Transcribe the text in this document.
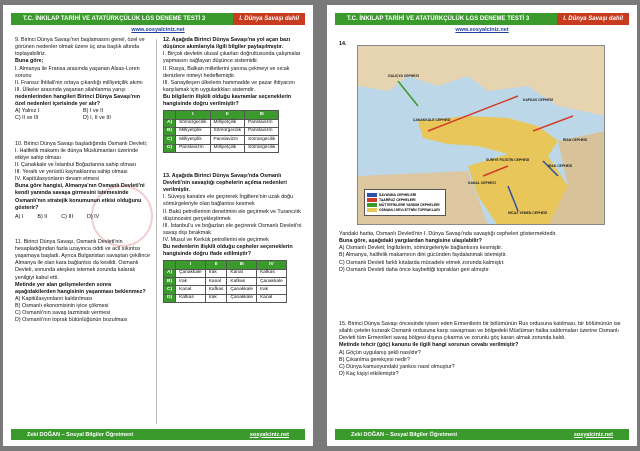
T.C. İNKILAP TARİHİ VE ATATÜRKÇÜLÜK LGS DENEME TESTİ 3	I. Dünya Savaşı dahil
www.sosyalciniz.net
9. Birinci Dünya Savaşı'nın başlamasını genel, özel ve görünen nedenler olmak üzere üç ana başlık altında toplayabiliriz.
Buna göre;
I. Almanya ile Fransa arasında yaşanan Alsas-Loren sorunu
II. Fransız İhtilali'nin ortaya çıkardığı milliyetçilik akımı
III. Ülkeler arasında yaşanan silahlanma yarışı
nedenlerinden hangileri Birinci Dünya Savaşı'nın özel nedenleri içerisinde yer alır?
A) Yalnız I	B) I ve II
C) II ve III	D) I, II ve III
10. Birinci Dünya Savaşı başladığında Osmanlı Devleti;
I. Halifelik makamı ile dünya Müslümanları üzerinde etkiye sahip olması
II. Çanakkale ve İstanbul Boğazlarına sahip olması
III. Yeraltı ve yerüstü kaynaklarına sahip olması
IV. Kapitülasyonların devam etmesi
Buna göre hangisi, Almanya'nın Osmanlı Devleti'ni kendi yanında savaşa girmesini istemesinde Osmanlı'nın stratejik konumunun etkisi olduğunu gösterir?
A) I	B) II	C) III	D) IV
11. Birinci Dünya Savaşı, Osmanlı Devleti'nin hesapladığından fazla uzayınca ciddi ve acil sıkıntısı yaşamaya başladı. Ayrıca Bulgaristan savaştan çekilince Almanya ile olan kara bağlantısı da kesildi. Osmanlı Devleti, sonunda ateşkes istemek zorunda kalarak yenilgiyi kabul etti.
Metinde yer alan gelişmelerden sonra aşağıdakilerden hangisinin yaşanması beklenmez?
A) Kapitülasyonların kaldırılması
B) Osmanlı ekonomisinin iyice çökmesi
C) Osmanlı'nın savaş tazminatı vermesi
D) Osmanlı'nın toprak bütünlüğünün bozulması
12. Aşağıda Birinci Dünya Savaşı'na yol açan bazı düşünce akımlarıyla ilgili bilgiler paylaşılmıştır.
I. Birçok devletin ulusal çıkarları doğrultusunda çalışmalar yapmasını sağlayan düşünce sistemidir.
II. Rusya, Balkan milletlerini yanına çekmeyi ve sıcak denizlere inmeyi hedeflemiştir.
III. Sanayileşen ülkelerin hammadde ve pazar ihtiyacını karşılamak için uyguladıkları sistemdir.
Bu bilgilerin ilişkili olduğu kavramlar seçeneklerin hangisinde doğru verilmiştir?
	I	II	III
A)	Sömürgecilik	Milliyetçilik	Panslavizm
B)	Milliyetçilik	Sömürgecilik	Panslavizm
C)	Milliyetçilik	Panslavizm	Sömürgecilik
D)	Panslavizm	Milliyetçilik	Sömürgecilik
13. Aşağıda Birinci Dünya Savaşı'nda Osmanlı Devleti'nin savaştığı cephelerin açılma nedenleri verilmiştir.
I. Süveyş kanalını ele geçirerek İngiltere'nin uzak doğu sömürgeleriyle olan bağlantısı kesmek
II. Bakü petrollerinin denetimini ele geçirmek ve Turancılık düşüncesini gerçekleştirmek
III. İstanbul'u ve boğazları ele geçirerek Osmanlı Devleti'ni savaş dışı bırakmak
IV. Musul ve Kerkük petrollerini ele geçirmek
Bu nedenlerin ilişkili olduğu cepheler seçeneklerin hangisinde doğru ifade edilmiştir?
	I	II	III	IV
A)	Çanakkale	Irak	Kanal	Kafkas
B)	Irak	Kanal	Kafkas	Çanakkale
C)	Kanal	Kafkas	Çanakkale	Irak
D)	Kafkas	Irak	Çanakkale	Kanal
Zeki DOĞAN – Sosyal Bilgiler Öğretmeni	sosyalciniz.net
T.C. İNKILAP TARİHİ VE ATATÜRKÇÜLÜK LGS DENEME TESTİ 3	I. Dünya Savaşı dahil
www.sosyalciniz.net
14.
KAFKAS CEPHESİ
ÇANAKKALE CEPHESİ
IRAK CEPHESİ
SURİYE FİLİSTİN CEPHESİ
KANAL CEPHESİ
HİCAZ YEMEN CEPHESİ
GALİÇYA CEPHESİ
İRAN CEPHESİ
SAVUNMA CEPHELERİ
TAARRUZ CEPHELERİ
MÜTTEFİKLERE YARDIM CEPHELERİ
OSMANLI DEVLETİ'NİN TOPRAKLARI
Yandaki harita, Osmanlı Devleti'nin I. Dünya Savaşı'nda savaştığı cepheleri göstermektedir.
Buna göre, aşağıdaki yargılardan hangisine ulaşılabilir?
A) Osmanlı Devleti; İngilizlerin, sömürgeleriyle bağlantısını kesmiştir.
B) Almanya, halifelik makamının dini gücünden faydalanmak istemiştir.
C) Osmanlı Devleti farklı kıtalarda mücadele etmek zorunda kalmıştır.
D) Osmanlı Devleti daha önce kaybettiği toprakları geri almıştır.
15. Birinci Dünya Savaşı öncesinde iyisen eden Ermenilerin bir bölümünün Rus ordusuna katılması, bir bölümünün ise silahlı çeteler kurarak Osmanlı ordusuna karşı savaşması ve bölgedeki Müslüman halka saldırmaları üzerine Osmanlı Devleti tüm Ermenileri savaş bölgesi dışına çıkarma ve zorunlu göç kararı almak zorunda kaldı.
Metinde tehcir (göç) kanunu ile ilgili hangi sorunun cevabı verilmiştir?
A) Göçün uygulanış şekli nasıldır?
B) Çıkarılma gerekçesi nedir?
C) Dünya kamuoyundaki yankısı nasıl olmuştur?
D) Kaç kişiyi etkilemiştir?
Zeki DOĞAN – Sosyal Bilgiler Öğretmeni	sosyalciniz.net
